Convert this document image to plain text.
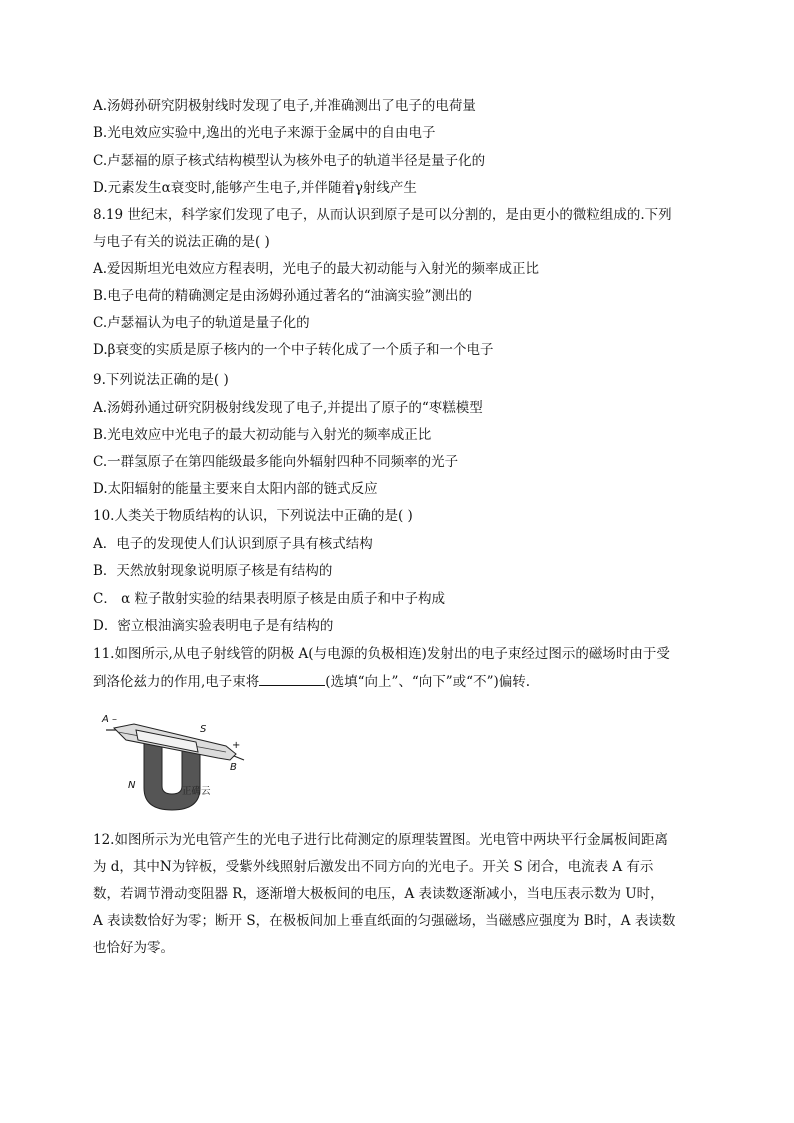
A.汤姆孙研究阴极射线时发现了电子,并准确测出了电子的电荷量
B.光电效应实验中,逸出的光电子来源于金属中的自由电子
C.卢瑟福的原子核式结构模型认为核外电子的轨道半径是量子化的
D.元素发生α衰变时,能够产生电子,并伴随着γ射线产生
8.19 世纪末，科学家们发现了电子，从而认识到原子是可以分割的，是由更小的微粒组成的.下列
与电子有关的说法正确的是( )
A.爱因斯坦光电效应方程表明，光电子的最大初动能与入射光的频率成正比
B.电子电荷的精确测定是由汤姆孙通过著名的“油滴实验”测出的
C.卢瑟福认为电子的轨道是量子化的
D.β衰变的实质是原子核内的一个中子转化成了一个质子和一个电子
9.下列说法正确的是( )
A.汤姆孙通过研究阴极射线发现了电子,并提出了原子的“枣糕模型
B.光电效应中光电子的最大初动能与入射光的频率成正比
C.一群氢原子在第四能级最多能向外辐射四种不同频率的光子
D.太阳辐射的能量主要来自太阳内部的链式反应
10.人类关于物质结构的认识，下列说法中正确的是( )
A．电子的发现使人们认识到原子具有核式结构
B．天然放射现象说明原子核是有结构的
C． α 粒子散射实验的结果表明原子核是由质子和中子构成
D．密立根油滴实验表明电子是有结构的
11.如图所示,从电子射线管的阴极 A(与电源的负极相连)发射出的电子束经过图示的磁场时由于受
到洛伦兹力的作用,电子束将	(选填“向上”、“向下”或“不”)偏转.
A –
S
N
B
+
正确云
12.如图所示为光电管产生的光电子进行比荷测定的原理装置图。光电管中两块平行金属板间距离
为 d，其中N为锌板，受紫外线照射后激发出不同方向的光电子。开关 S 闭合，电流表 A 有示
数，若调节滑动变阻器 R，逐渐增大极板间的电压，A 表读数逐渐减小，当电压表示数为 U时，
A 表读数恰好为零；断开 S，在极板间加上垂直纸面的匀强磁场，当磁感应强度为 B时，A 表读数
也恰好为零。
